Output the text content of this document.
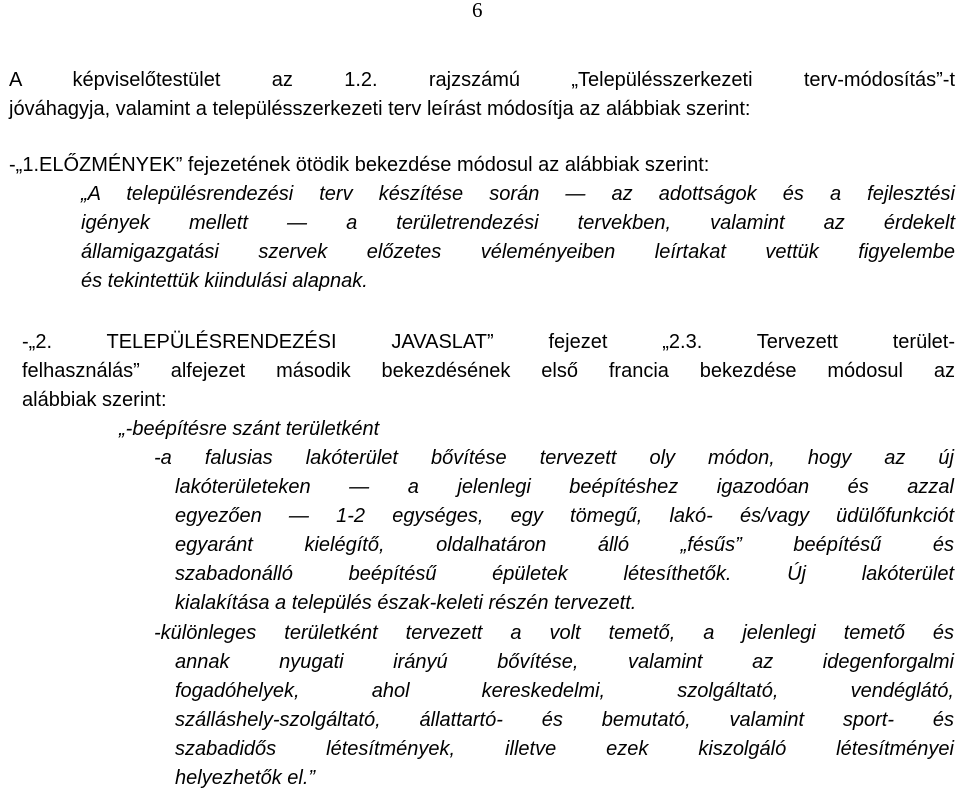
6
A képviselőtestület az 1.2. rajzszámú „Településszerkezeti terv-módosítás”-t
jóváhagyja, valamint a településszerkezeti terv leírást módosítja az alábbiak szerint:
-„1.ELŐZMÉNYEK” fejezetének ötödik bekezdése módosul az alábbiak szerint:
„A településrendezési terv készítése során — az adottságok és a fejlesztési
igények mellett — a területrendezési tervekben, valamint az érdekelt
államigazgatási szervek előzetes véleményeiben leírtakat vettük figyelembe
és tekintettük kiindulási alapnak.
-„2. TELEPÜLÉSRENDEZÉSI JAVASLAT” fejezet „2.3. Tervezett terület-
felhasználás” alfejezet második bekezdésének első francia bekezdése módosul az
alábbiak szerint:
„-beépítésre szánt területként
-a falusias lakóterület bővítése tervezett oly módon, hogy az új
lakóterületeken — a jelenlegi beépítéshez igazodóan és azzal
egyezően — 1-2 egységes, egy tömegű, lakó- és/vagy üdülőfunkciót
egyaránt kielégítő, oldalhatáron álló „fésűs” beépítésű és
szabadonálló beépítésű épületek létesíthetők. Új lakóterület
kialakítása a település észak-keleti részén tervezett.
-különleges területként tervezett a volt temető, a jelenlegi temető és
annak nyugati irányú bővítése, valamint az idegenforgalmi
fogadóhelyek, ahol kereskedelmi, szolgáltató, vendéglátó,
szálláshely-szolgáltató, állattartó- és bemutató, valamint sport- és
szabadidős létesítmények, illetve ezek kiszolgáló létesítményei
helyezhetők el.”
